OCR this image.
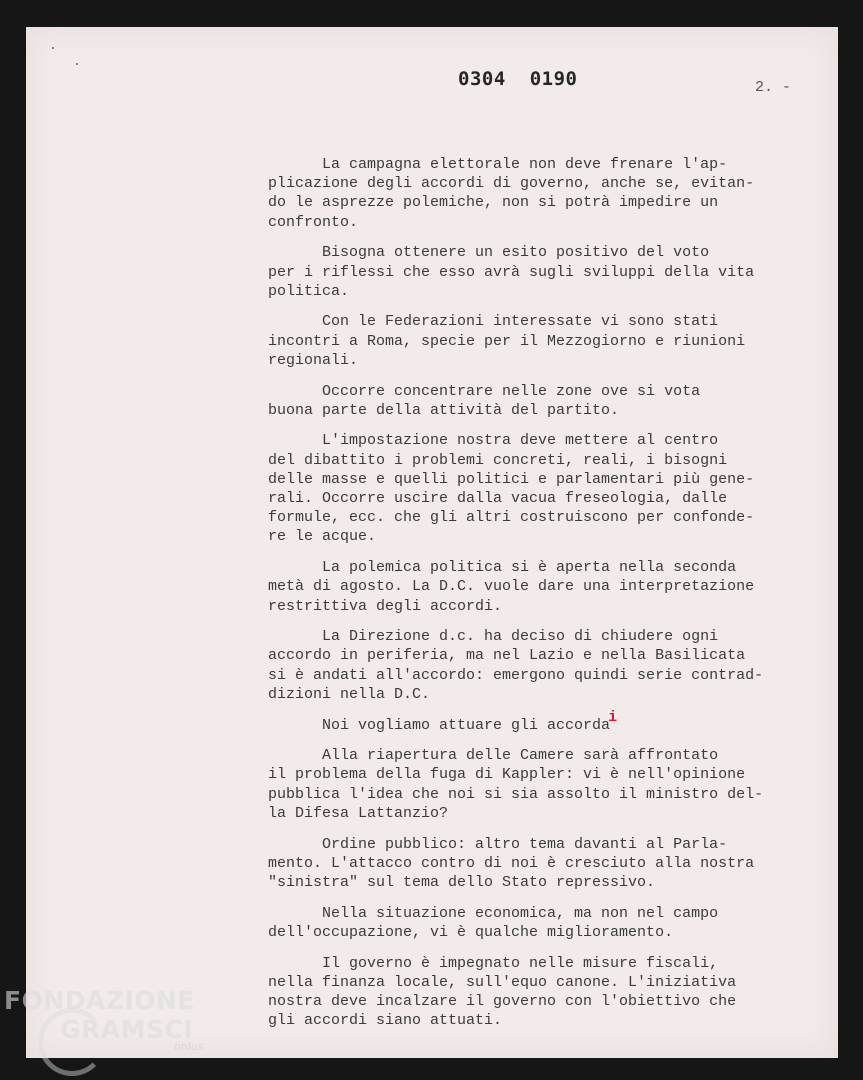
0304 0190	2. -
La campagna elettorale non deve frenare l'ap-
plicazione degli accordi di governo, anche se, evitan-
do le asprezze polemiche, non si potrà impedire un
confronto.
Bisogna ottenere un esito positivo del voto
per i riflessi che esso avrà sugli sviluppi della vita
politica.
Con le Federazioni interessate vi sono stati
incontri a Roma, specie per il Mezzogiorno e riunioni
regionali.
Occorre concentrare nelle zone ove si vota
buona parte della attività del partito.
L'impostazione nostra deve mettere al centro
del dibattito i problemi concreti, reali, i bisogni
delle masse e quelli politici e parlamentari più gene-
rali. Occorre uscire dalla vacua freseologia, dalle
formule, ecc. che gli altri costruiscono per confonde-
re le acque.
La polemica politica si è aperta nella seconda
metà di agosto. La D.C. vuole dare una interpretazione
restrittiva degli accordi.
La Direzione d.c. ha deciso di chiudere ogni
accordo in periferia, ma nel Lazio e nella Basilicata
si è andati all'accordo: emergono quindi serie contrad-
dizioni nella D.C.
Noi vogliamo attuare gli accordai
Alla riapertura delle Camere sarà affrontato
il problema della fuga di Kappler: vi è nell'opinione
pubblica l'idea che noi si sia assolto il ministro del-
la Difesa Lattanzio?
Ordine pubblico: altro tema davanti al Parla-
mento. L'attacco contro di noi è cresciuto alla nostra
"sinistra" sul tema dello Stato repressivo.
Nella situazione economica, ma non nel campo
dell'occupazione, vi è qualche miglioramento.
Il governo è impegnato nelle misure fiscali,
nella finanza locale, sull'equo canone. L'iniziativa
nostra deve incalzare il governo con l'obiettivo che
gli accordi siano attuati.
FONDAZIONE
GRAMSCI
onlus
